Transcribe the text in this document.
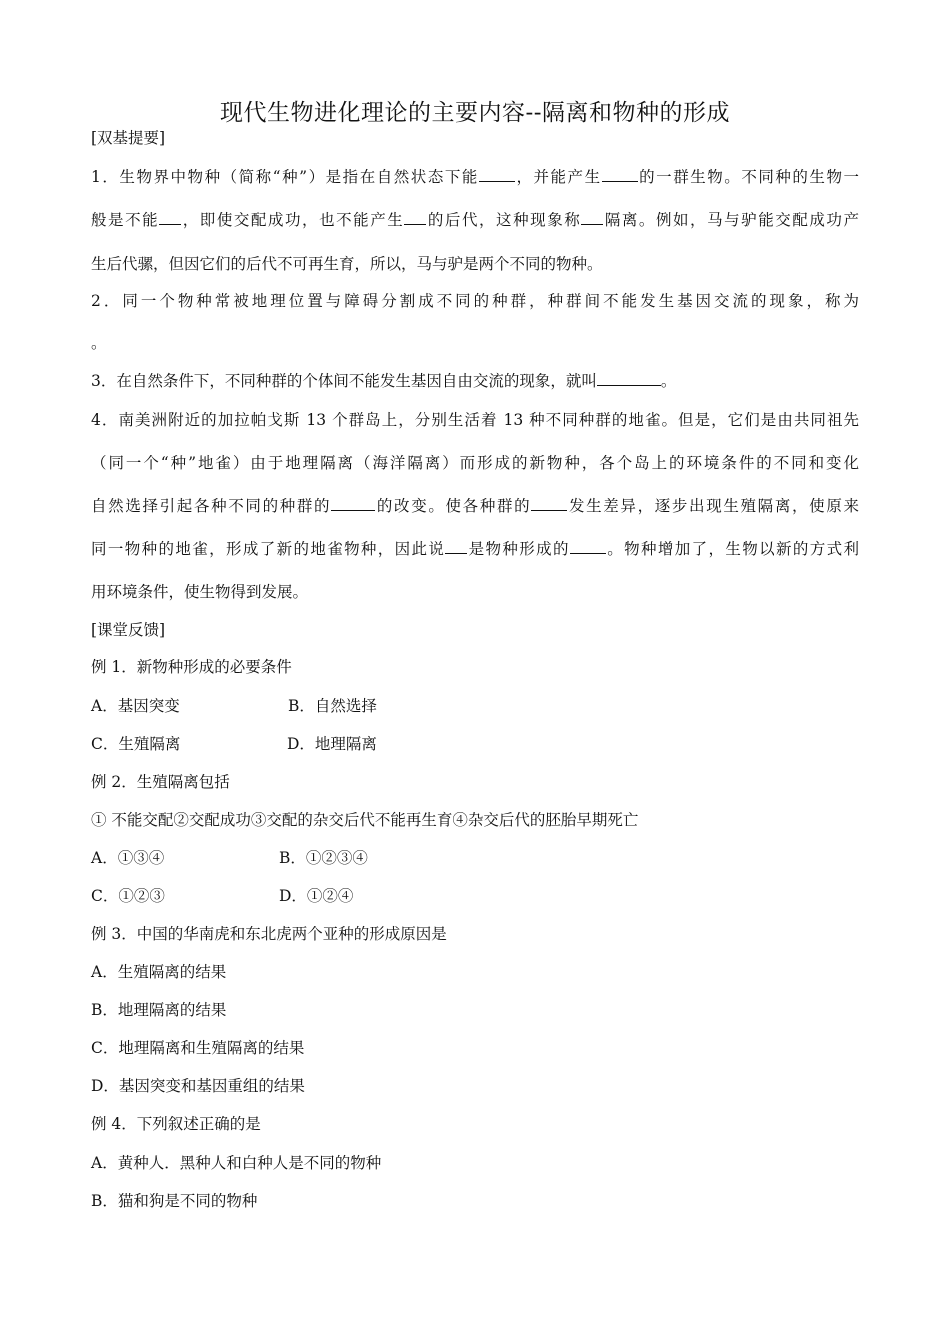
现代生物进化理论的主要内容--隔离和物种的形成
[双基提要]
1．生物界中物种（简称“种”）是指在自然状态下能 ，并能产生 的一群生物。不同种的生物一
般是不能 ，即使交配成功，也不能产生 的后代，这种现象称 隔离。例如，马与驴能交配成功产
生后代骡，但因它们的后代不可再生育，所以，马与驴是两个不同的物种。
2．同一个物种常被地理位置与障碍分割成不同的种群，种群间不能发生基因交流的现象，称为
。
3．在自然条件下，不同种群的个体间不能发生基因自由交流的现象，就叫	。
4．南美洲附近的加拉帕戈斯 13 个群岛上，分别生活着 13 种不同种群的地雀。但是，它们是由共同祖先
（同一个“种”地雀）由于地理隔离（海洋隔离）而形成的新物种，各个岛上的环境条件的不同和变化
自然选择引起各种不同的种群的	的改变。使各种群的 发生差异，逐步出现生殖隔离，使原来
同一物种的地雀，形成了新的地雀物种，因此说 是物种形成的 。物种增加了，生物以新的方式利
用环境条件，使生物得到发展。
[课堂反馈]
例 1．新物种形成的必要条件
A．基因突变	B．自然选择
C．生殖隔离	D．地理隔离
例 2．生殖隔离包括
① 不能交配②交配成功③交配的杂交后代不能再生育④杂交后代的胚胎早期死亡
A．①③④	B．①②③④
C．①②③	D．①②④
例 3．中国的华南虎和东北虎两个亚种的形成原因是
A．生殖隔离的结果
B．地理隔离的结果
C．地理隔离和生殖隔离的结果
D．基因突变和基因重组的结果
例 4．下列叙述正确的是
A．黄种人．黑种人和白种人是不同的物种
B．猫和狗是不同的物种
